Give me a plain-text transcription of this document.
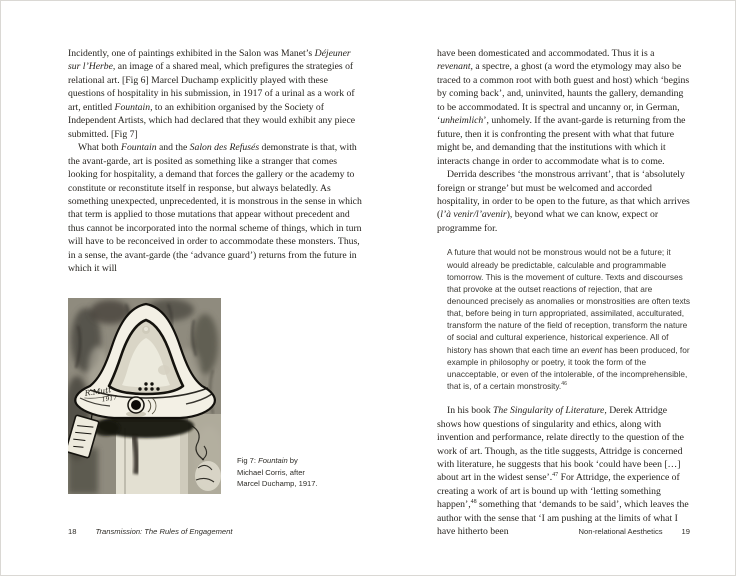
Incidently, one of paintings exhibited in the Salon was Manet’s Déjeuner sur l’Herbe, an image of a shared meal, which prefigures the strategies of relational art. [Fig 6] Marcel Duchamp explicitly played with these questions of hospitality in his submission, in 1917 of a urinal as a work of art, entitled Fountain, to an exhibition organised by the Society of Independent Artists, which had declared that they would exhibit any piece submitted. [Fig 7]

What both Fountain and the Salon des Refusés demonstrate is that, with the avant-garde, art is posited as something like a stranger that comes looking for hospitality, a demand that forces the gallery or the academy to constitute or reconstitute itself in response, but always belatedly. As something unexpected, unprecedented, it is monstrous in the sense in which that term is applied to those mutations that appear without precedent and thus cannot be incorporated into the normal scheme of things, which in turn will have to be reconceived in order to accommodate these monsters. Thus, in a sense, the avant-garde (the ‘advance guard’) returns from the future in which it will

R.Mutt
1917
Fig 7: Fountain by Michael Corris, after Marcel Duchamp, 1917.

have been domesticated and accommodated. Thus it is a revenant, a spectre, a ghost (a word the etymology may also be traced to a common root with both guest and host) which ‘begins by coming back’, and, uninvited, haunts the gallery, demanding to be accommodated. It is spectral and uncanny or, in German, ‘unheimlich’, unhomely. If the avant-garde is returning from the future, then it is confronting the present with what that future might be, and demanding that the institutions with which it interacts change in order to accommodate what is to come.

Derrida describes ‘the monstrous arrivant’, that is ‘absolutely foreign or strange’ but must be welcomed and accorded hospitality, in order to be open to the future, as that which arrives (l’à venir/l’avenir), beyond what we can know, expect or programme for.

A future that would not be monstrous would not be a future; it would already be predictable, calculable and programmable tomorrow. This is the movement of culture. Texts and discourses that provoke at the outset reactions of rejection, that are denounced precisely as anomalies or monstrosities are often texts that, before being in turn appropriated, assimilated, acculturated, transform the nature of the field of reception, transform the nature of social and cultural experience, historical experience. All of history has shown that each time an event has been produced, for example in philosophy or poetry, it took the form of the unacceptable, or even of the intolerable, of the incomprehensible, that is, of a certain monstrosity.$^{46}$

In his book The Singularity of Literature, Derek Attridge shows how questions of singularity and ethics, along with invention and performance, relate directly to the question of the work of art. Though, as the title suggests, Attridge is concerned with literature, he suggests that his book ‘could have been […] about art in the widest sense’.$^{47}$ For Attridge, the experience of creating a work of art is bound up with ‘letting something happen’,$^{48}$ something that ‘demands to be said’, which leaves the author with the sense that ‘I am pushing at the limits of what I have hitherto been

18	Transmission: The Rules of Engagement	Non-relational Aesthetics	19
